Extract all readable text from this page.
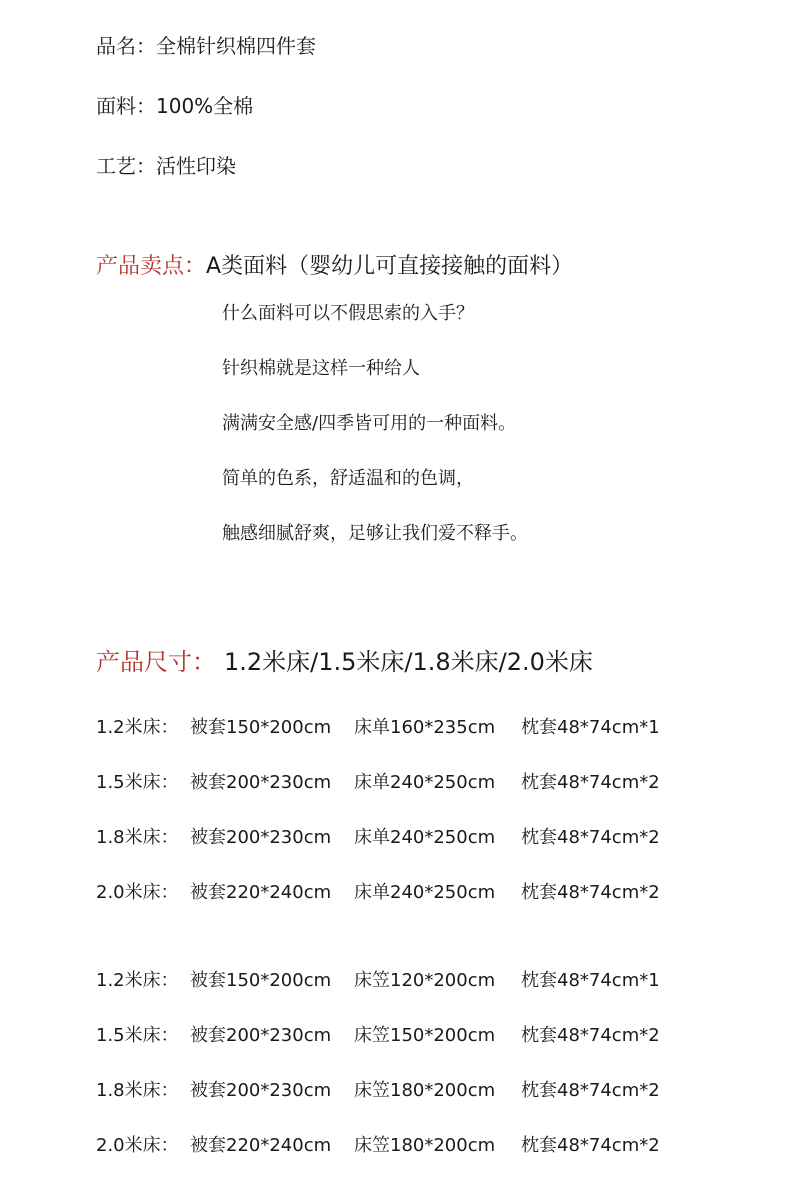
品名：全棉针织棉四件套
面料：100%全棉
工艺：活性印染
产品卖点：A类面料（婴幼儿可直接接触的面料）
什么面料可以不假思索的入手？
针织棉就是这样一种给人
满满安全感/四季皆可用的一种面料。
简单的色系，舒适温和的色调，
触感细腻舒爽，足够让我们爱不释手。
产品尺寸： 1.2米床/1.5米床/1.8米床/2.0米床
1.2米床： 被套150*200cm 床单160*235cm 枕套48*74cm*1
1.5米床： 被套200*230cm 床单240*250cm 枕套48*74cm*2
1.8米床： 被套200*230cm 床单240*250cm 枕套48*74cm*2
2.0米床： 被套220*240cm 床单240*250cm 枕套48*74cm*2
1.2米床： 被套150*200cm 床笠120*200cm 枕套48*74cm*1
1.5米床： 被套200*230cm 床笠150*200cm 枕套48*74cm*2
1.8米床： 被套200*230cm 床笠180*200cm 枕套48*74cm*2
2.0米床： 被套220*240cm 床笠180*200cm 枕套48*74cm*2
